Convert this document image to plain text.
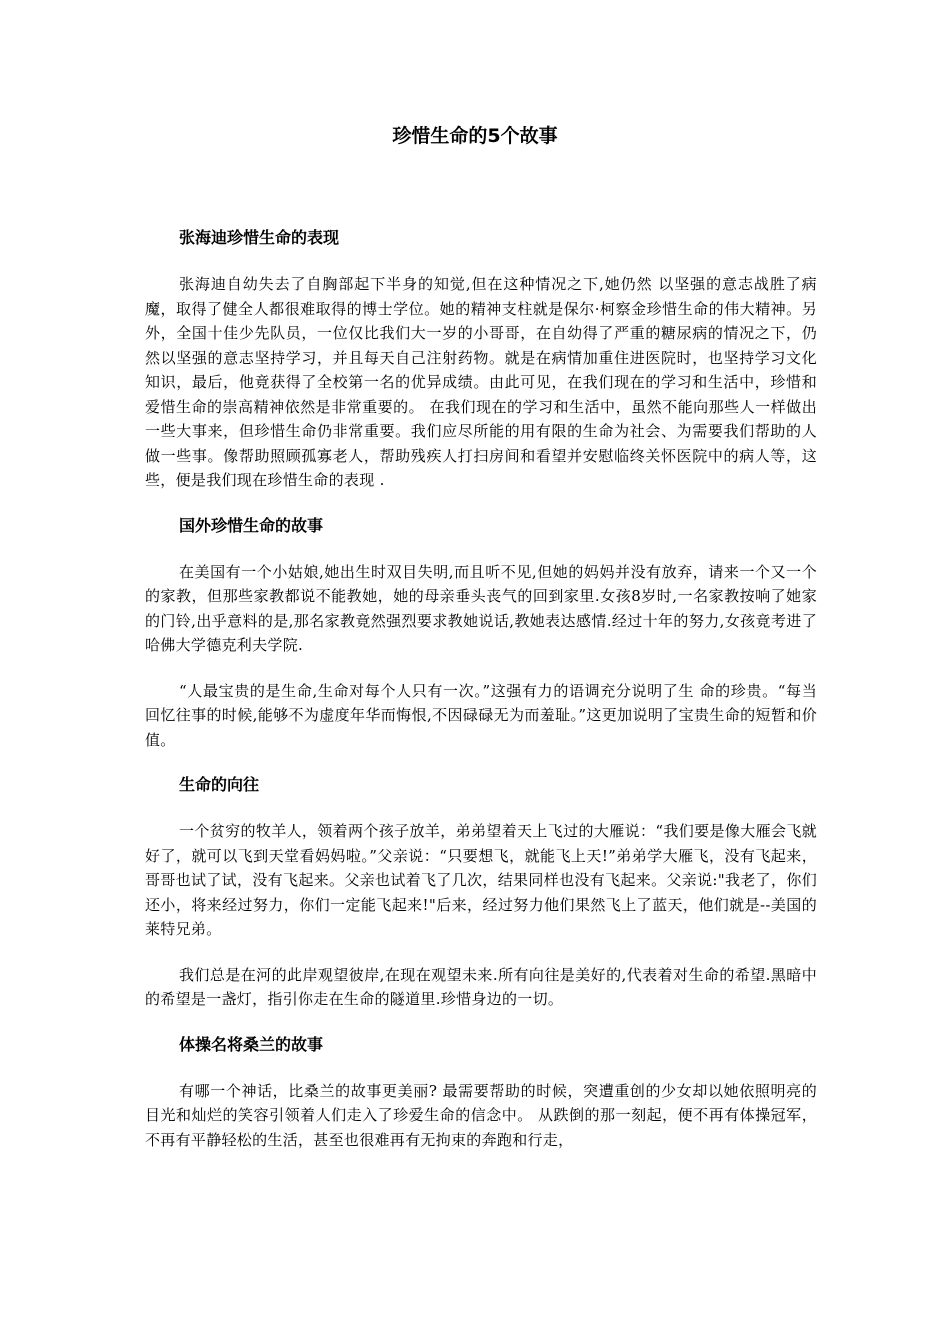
珍惜生命的5个故事
张海迪珍惜生命的表现

张海迪自幼失去了自胸部起下半身的知觉,但在这种情况之下,她仍然 以坚强的意志战胜了病魔，取得了健全人都很难取得的博士学位。她的精神支柱就是保尔·柯察金珍惜生命的伟大精神。另外，全国十佳少先队员，一位仅比我们大一岁的小哥哥，在自幼得了严重的糖尿病的情况之下，仍然以坚强的意志坚持学习，并且每天自己注射药物。就是在病情加重住进医院时，也坚持学习文化知识，最后，他竟获得了全校第一名的优异成绩。由此可见，在我们现在的学习和生活中，珍惜和爱惜生命的崇高精神依然是非常重要的。 在我们现在的学习和生活中，虽然不能向那些人一样做出一些大事来，但珍惜生命仍非常重要。我们应尽所能的用有限的生命为社会、为需要我们帮助的人做一些事。像帮助照顾孤寡老人，帮助残疾人打扫房间和看望并安慰临终关怀医院中的病人等，这些，便是我们现在珍惜生命的表现 .

国外珍惜生命的故事

在美国有一个小姑娘,她出生时双目失明,而且听不见,但她的妈妈并没有放弃，请来一个又一个的家教，但那些家教都说不能教她，她的母亲垂头丧气的回到家里.女孩8岁时,一名家教按响了她家的门铃,出乎意料的是,那名家教竟然强烈要求教她说话,教她表达感情.经过十年的努力,女孩竟考进了哈佛大学德克利夫学院.

“人最宝贵的是生命,生命对每个人只有一次。”这强有力的语调充分说明了生 命的珍贵。“每当回忆往事的时候,能够不为虚度年华而悔恨,不因碌碌无为而羞耻。”这更加说明了宝贵生命的短暂和价值。

生命的向往

一个贫穷的牧羊人，领着两个孩子放羊，弟弟望着天上飞过的大雁说：“我们要是像大雁会飞就好了，就可以飞到天堂看妈妈啦。”父亲说：“只要想飞，就能飞上天!”弟弟学大雁飞，没有飞起来，哥哥也试了试，没有飞起来。父亲也试着飞了几次，结果同样也没有飞起来。父亲说:"我老了，你们还小，将来经过努力，你们一定能飞起来!"后来，经过努力他们果然飞上了蓝天，他们就是--美国的莱特兄弟。

我们总是在河的此岸观望彼岸,在现在观望未来.所有向往是美好的,代表着对生命的希望.黑暗中的希望是一盏灯，指引你走在生命的隧道里.珍惜身边的一切。

体操名将桑兰的故事

有哪一个神话，比桑兰的故事更美丽? 最需要帮助的时候，突遭重创的少女却以她依照明亮的目光和灿烂的笑容引领着人们走入了珍爱生命的信念中。 从跌倒的那一刻起，便不再有体操冠军，不再有平静轻松的生活，甚至也很难再有无拘束的奔跑和行走，
